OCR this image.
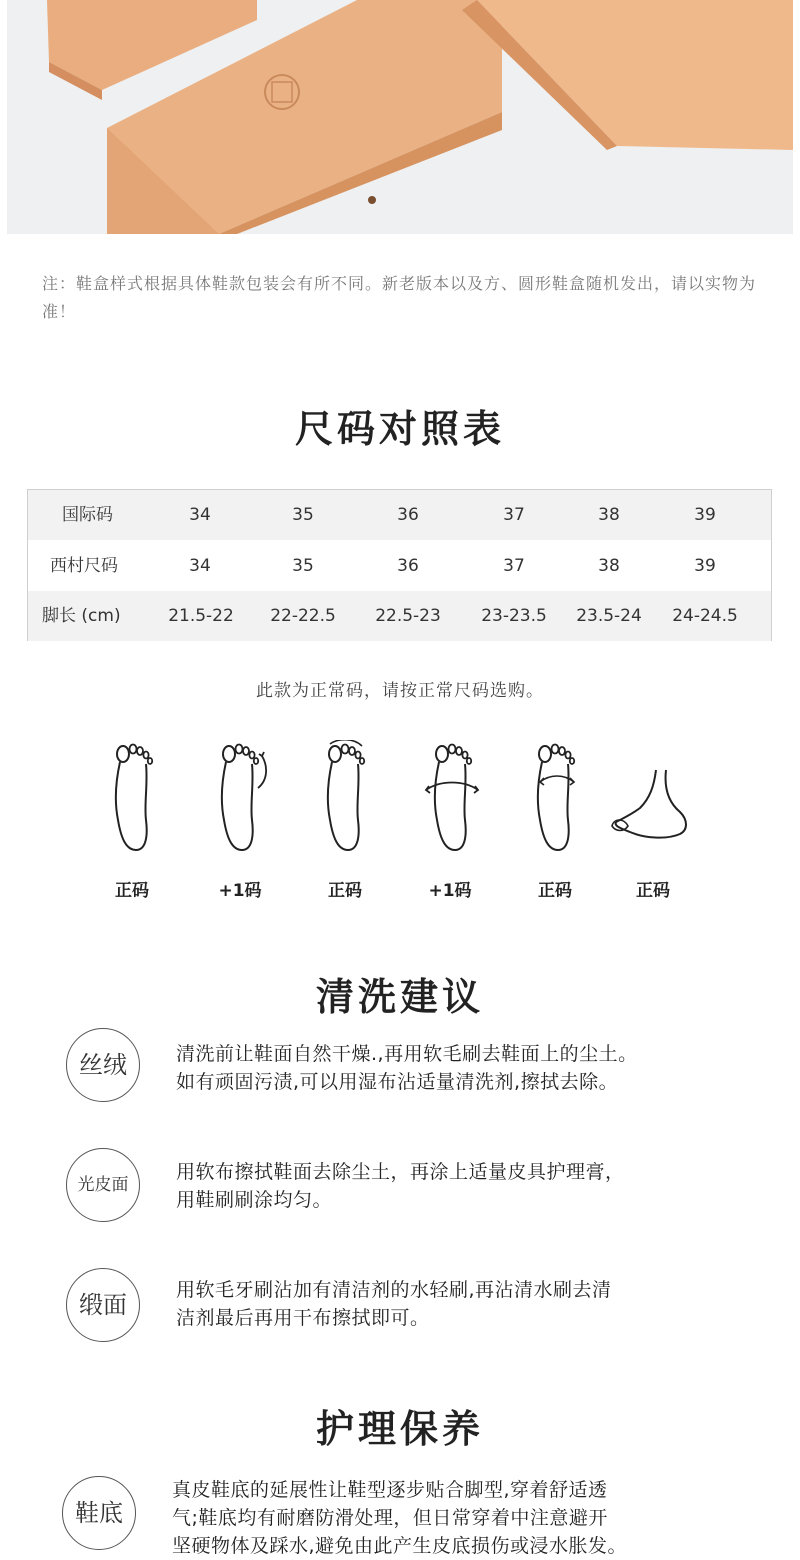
注：鞋盒样式根据具体鞋款包装会有所不同。新老版本以及方、圆形鞋盒随机发出，请以实物为准！
尺码对照表
国际码	34	35	36	37	38	39
西村尺码	34	35	36	37	38	39
脚长 (cm)	21.5-22	22-22.5	22.5-23	23-23.5	23.5-24	24-24.5
此款为正常码，请按正常尺码选购。
正码	+1码	正码	+1码	正码	正码
清洗建议
丝绒	清洗前让鞋面自然干燥.,再用软毛刷去鞋面上的尘土。
如有顽固污渍,可以用湿布沾适量清洗剂,擦拭去除。
光皮面
用软布擦拭鞋面去除尘土，再涂上适量皮具护理膏，
用鞋刷刷涂均匀。
缎面
用软毛牙刷沾加有清洁剂的水轻刷,再沾清水刷去清
洁剂最后再用干布擦拭即可。
护理保养
鞋底
真皮鞋底的延展性让鞋型逐步贴合脚型,穿着舒适透
气;鞋底均有耐磨防滑处理，但日常穿着中注意避开
坚硬物体及踩水,避免由此产生皮底损伤或浸水胀发。
